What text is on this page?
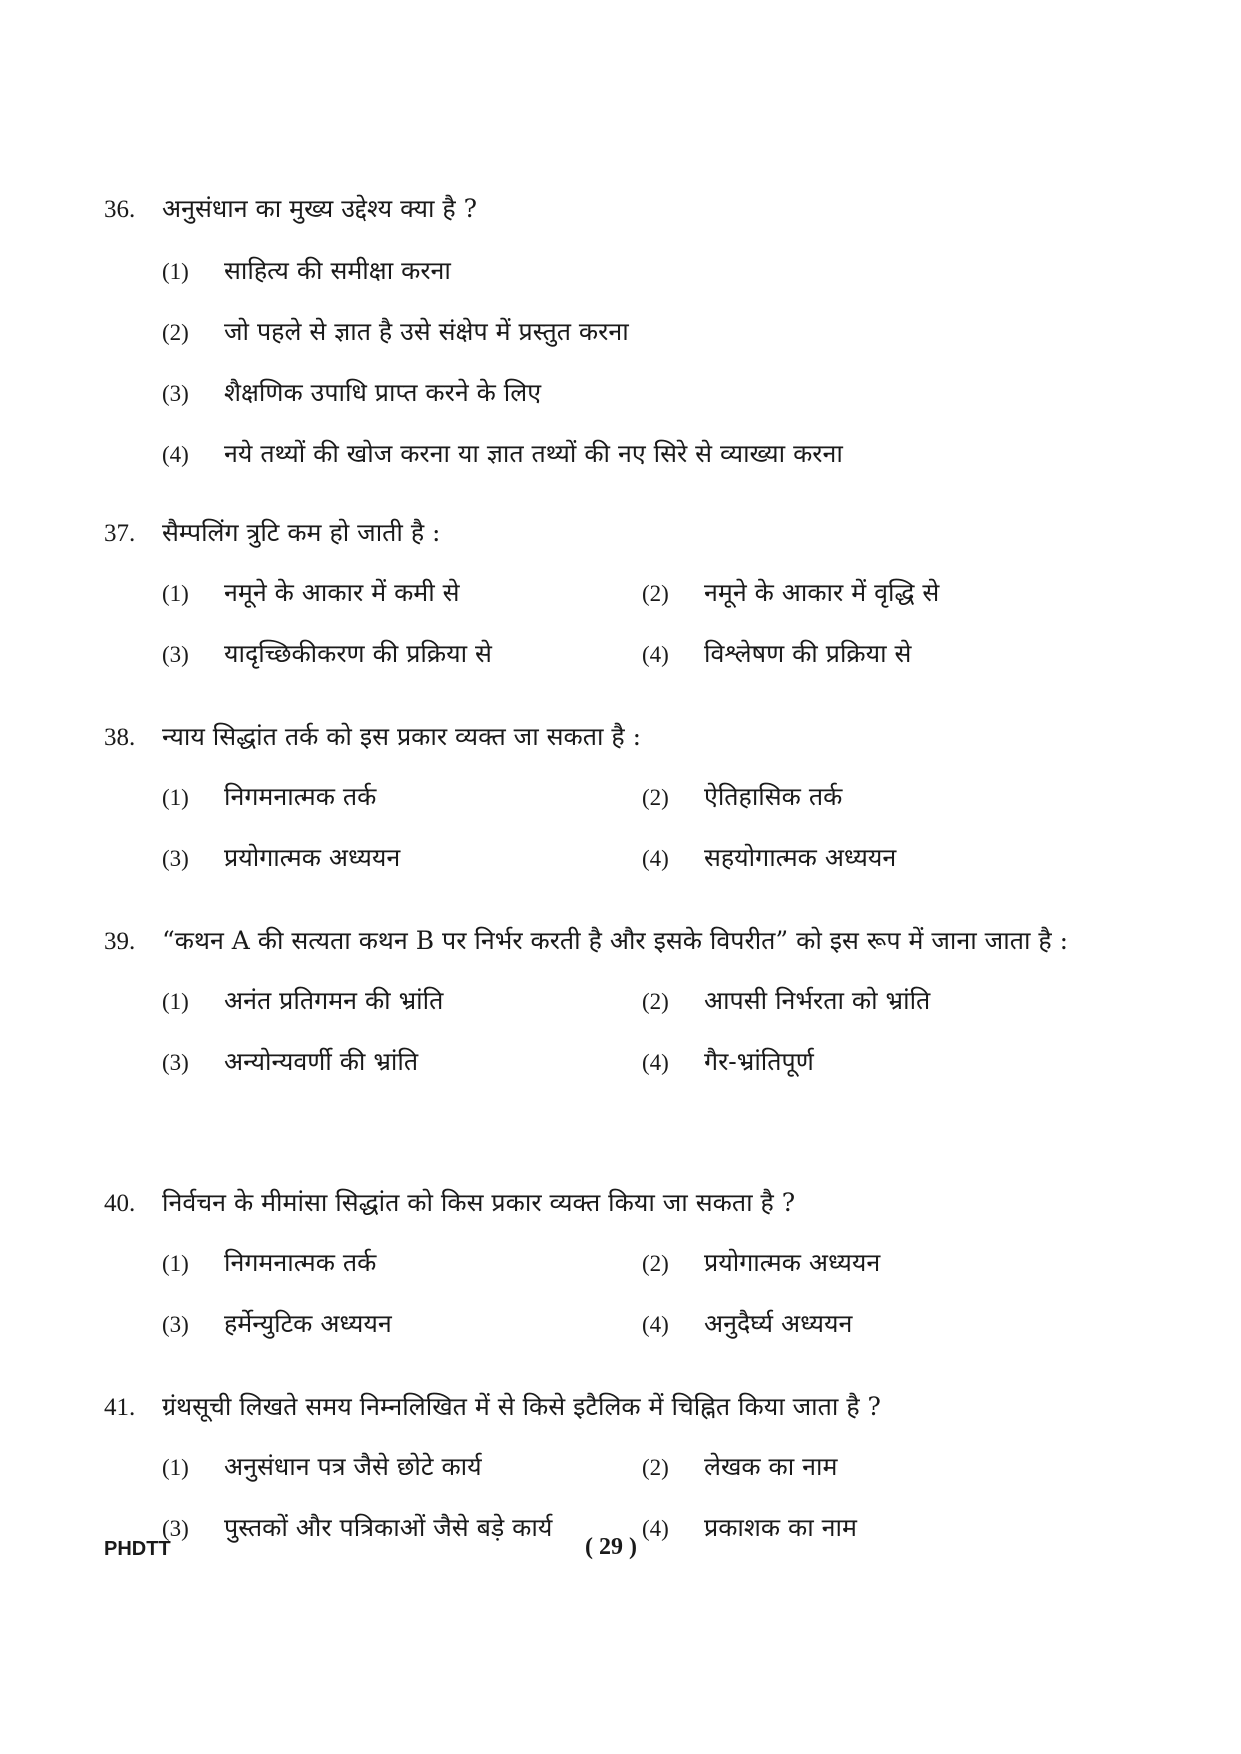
36.	अनुसंधान का मुख्य उद्देश्य क्या है ?
(1)	साहित्य की समीक्षा करना
(2)	जो पहले से ज्ञात है उसे संक्षेप में प्रस्तुत करना
(3)	शैक्षणिक उपाधि प्राप्त करने के लिए
(4)	नये तथ्यों की खोज करना या ज्ञात तथ्यों की नए सिरे से व्याख्या करना
37.	सैम्पलिंग त्रुटि कम हो जाती है :
(1)	नमूने के आकार में कमी से	(2)	नमूने के आकार में वृद्धि से
(3)	यादृच्छिकीकरण की प्रक्रिया से	(4)	विश्लेषण की प्रक्रिया से
38.	न्याय सिद्धांत तर्क को इस प्रकार व्यक्त जा सकता है :
(1)	निगमनात्मक तर्क	(2)	ऐतिहासिक तर्क
(3)	प्रयोगात्मक अध्ययन	(4)	सहयोगात्मक अध्ययन
39.	“कथन A की सत्यता कथन B पर निर्भर करती है और इसके विपरीत” को इस रूप में जाना जाता है :
(1)	अनंत प्रतिगमन की भ्रांति	(2)	आपसी निर्भरता को भ्रांति
(3)	अन्योन्यवर्णी की भ्रांति	(4)	गैर-भ्रांतिपूर्ण
40.	निर्वचन के मीमांसा सिद्धांत को किस प्रकार व्यक्त किया जा सकता है ?
(1)	निगमनात्मक तर्क	(2)	प्रयोगात्मक अध्ययन
(3)	हर्मेन्युटिक अध्ययन	(4)	अनुदैर्घ्य अध्ययन
41.	ग्रंथसूची लिखते समय निम्नलिखित में से किसे इटैलिक में चिह्नित किया जाता है ?
(1)	अनुसंधान पत्र जैसे छोटे कार्य	(2)	लेखक का नाम
(3)	पुस्तकों और पत्रिकाओं जैसे बड़े कार्य	(4)	प्रकाशक का नाम
PHDTT	( 29 )
